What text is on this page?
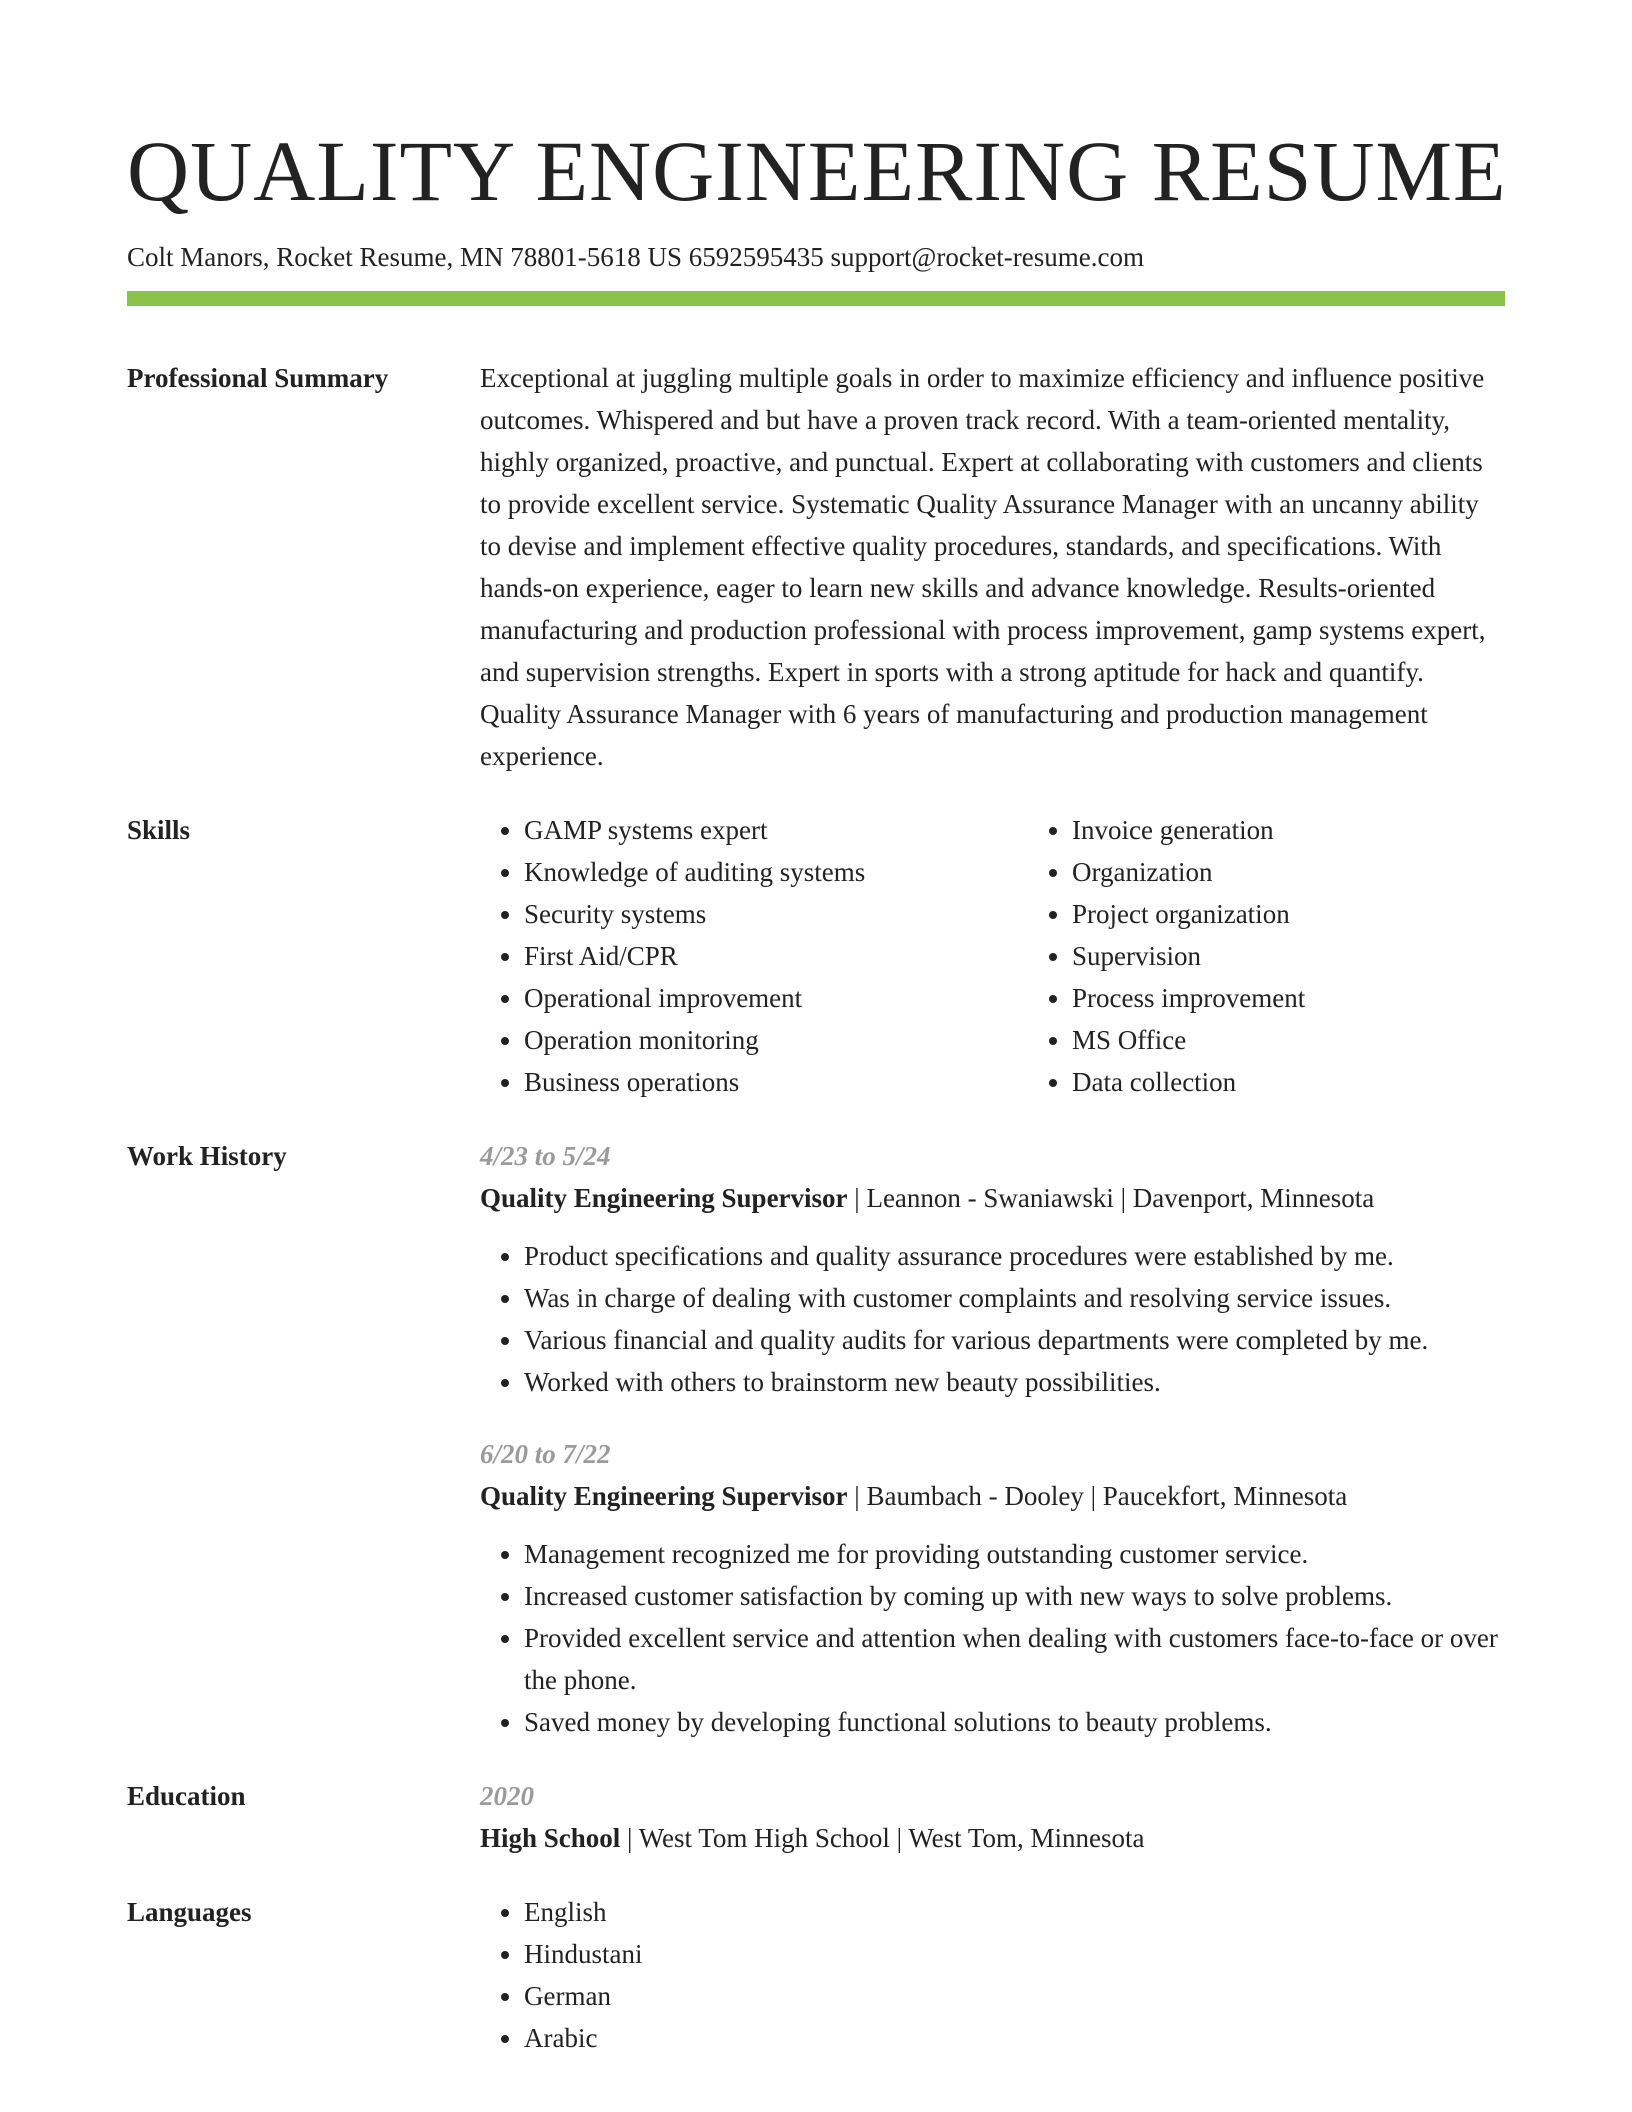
QUALITY ENGINEERING RESUME
Colt Manors, Rocket Resume, MN 78801-5618 US 6592595435 support@rocket-resume.com
Professional Summary	Exceptional at juggling multiple goals in order to maximize efficiency and influence positive outcomes. Whispered and but have a proven track record. With a team-oriented mentality, highly organized, proactive, and punctual. Expert at collaborating with customers and clients to provide excellent service. Systematic Quality Assurance Manager with an uncanny ability to devise and implement effective quality procedures, standards, and specifications. With hands-on experience, eager to learn new skills and advance knowledge. Results-oriented manufacturing and production professional with process improvement, gamp systems expert, and supervision strengths. Expert in sports with a strong aptitude for hack and quantify. Quality Assurance Manager with 6 years of manufacturing and production management experience.

Skills	• GAMP systems expert
• Knowledge of auditing systems
• Security systems
• First Aid/CPR
• Operational improvement
• Operation monitoring
• Business operations
• Invoice generation
• Organization
• Project organization
• Supervision
• Process improvement
• MS Office
• Data collection
Work History	4/23 to 5/24
Quality Engineering Supervisor | Leannon - Swaniawski | Davenport, Minnesota
• Product specifications and quality assurance procedures were established by me.
• Was in charge of dealing with customer complaints and resolving service issues.
• Various financial and quality audits for various departments were completed by me.
• Worked with others to brainstorm new beauty possibilities.
6/20 to 7/22
Quality Engineering Supervisor | Baumbach - Dooley | Paucekfort, Minnesota
• Management recognized me for providing outstanding customer service.
• Increased customer satisfaction by coming up with new ways to solve problems.
• Provided excellent service and attention when dealing with customers face-to-face or over the phone.
• Saved money by developing functional solutions to beauty problems.
Education	2020
High School | West Tom High School | West Tom, Minnesota
Languages	• English
• Hindustani
• German
• Arabic
